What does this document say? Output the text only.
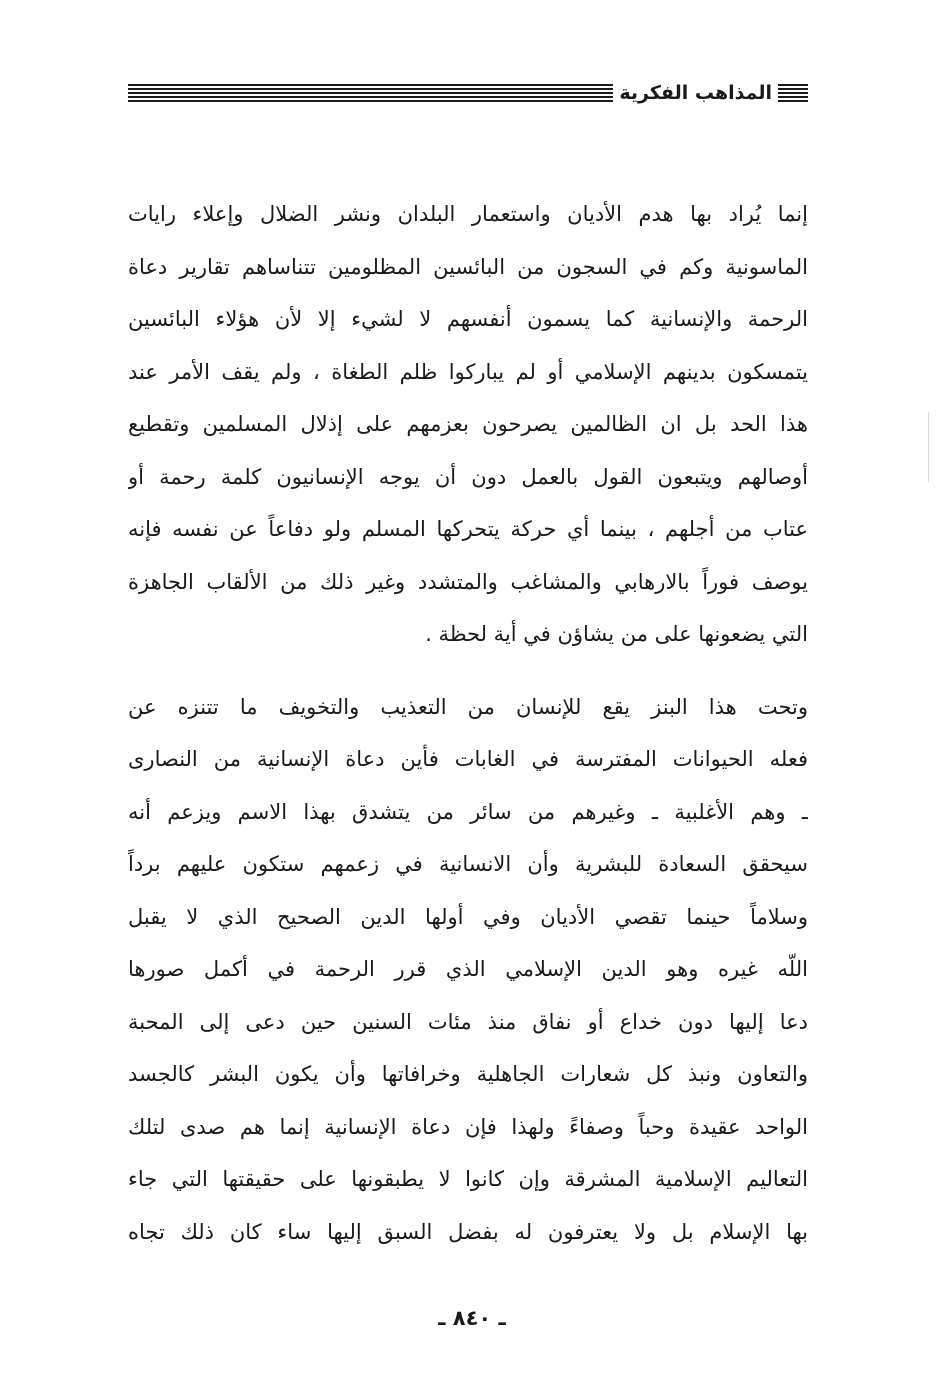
المذاهب الفكرية
إنما يُراد بها هدم الأديان واستعمار البلدان ونشر الضلال وإعلاء رايات
الماسونية وكم في السجون من البائسين المظلومين تتناساهم تقارير دعاة
الرحمة والإنسانية كما يسمون أنفسهم لا لشيء إلا لأن هؤلاء البائسين
يتمسكون بدينهم الإسلامي أو لم يباركوا ظلم الطغاة ، ولم يقف الأمر عند
هذا الحد بل ان الظالمين يصرحون بعزمهم على إذلال المسلمين وتقطيع
أوصالهم ويتبعون القول بالعمل دون أن يوجه الإنسانيون كلمة رحمة أو
عتاب من أجلهم ، بينما أي حركة يتحركها المسلم ولو دفاعاً عن نفسه فإنه
يوصف فوراً بالارهابي والمشاغب والمتشدد وغير ذلك من الألقاب الجاهزة
التي يضعونها على من يشاؤن في أية لحظة .
وتحت هذا البنز يقع للإنسان من التعذيب والتخويف ما تتنزه عن
فعله الحيوانات المفترسة في الغابات فأين دعاة الإنسانية من النصارى
ـ وهم الأغلبية ـ وغيرهم من سائر من يتشدق بهذا الاسم ويزعم أنه
سيحقق السعادة للبشرية وأن الانسانية في زعمهم ستكون عليهم برداً
وسلاماً حينما تقصي الأديان وفي أولها الدين الصحيح الذي لا يقبل
اللّه غيره وهو الدين الإسلامي الذي قرر الرحمة في أكمل صورها
دعا إليها دون خداع أو نفاق منذ مئات السنين حين دعى إلى المحبة
والتعاون ونبذ كل شعارات الجاهلية وخرافاتها وأن يكون البشر كالجسد
الواحد عقيدة وحباً وصفاءً ولهذا فإن دعاة الإنسانية إنما هم صدى لتلك
التعاليم الإسلامية المشرقة وإن كانوا لا يطبقونها على حقيقتها التي جاء
بها الإسلام بل ولا يعترفون له بفضل السبق إليها ساء كان ذلك تجاه
ـ ٨٤٠ ـ
